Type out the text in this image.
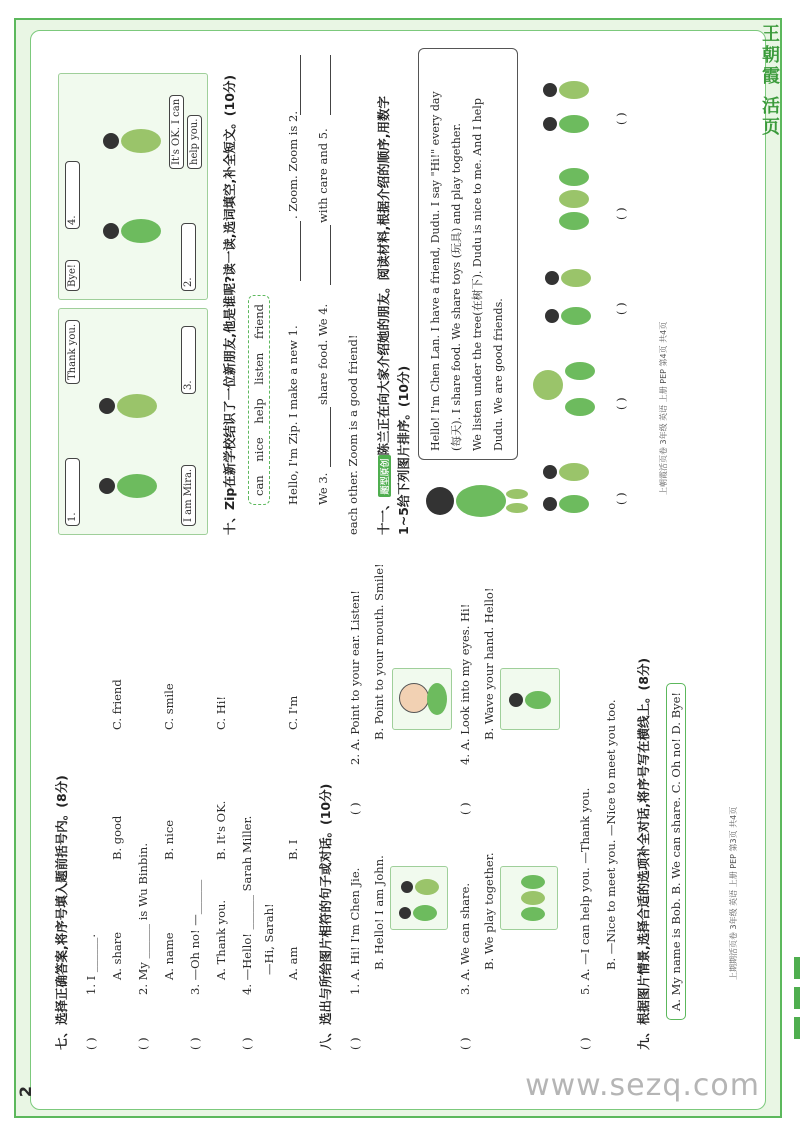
王朝霞 活页
2	www.sezq.com
七、选择正确答案,将序号填入题前括号内。(8分) ( )
1. I ______. A. share
B. good
C. friend
( )
2. My ______ is Wu Binbin. A. name
B. nice
C. smile
( )
3. —Oh no! —______ A. Thank you.
B. It's OK.
C. Hi!
( )
4. —Hello! ______ Sarah Miller. —Hi, Sarah! A. am
B. I
C. I'm
八、选出与所给图片相符的句子或对话。(10分) ( )
1. A. Hi! I'm Chen Jie. B. Hello! I am John.
( )
2. A. Point to your ear. Listen! B. Point to your mouth. Smile!
( )
3. A. We can share. B. We play together.
( )
4. A. Look into my eyes. Hi! B. Wave your hand. Hello!
( )
5. A. —I can help you. —Thank you. B. —Nice to meet you. —Nice to meet you too. 九、根据图片情景,选择合适的选项补全对话,将序号写在横线上。(8分) A. My name is Bob. B. We can share. C. Oh no! D. Bye!	上期期活页卷 3年级 英语 上册 PEP 第3页 共4页
1.
Thank you.
I am Mira.
3.
Bye!
4.
2.
It's OK. I can help you. 十、Zip在新学校结识了一位新朋友,他是谁呢?读一读,选词填空,补全短文。(10分)	can nice help listen friend	Hello, I'm Zip. I make a new 1.
. Zoom. Zoom is 2.
We 3.
share food. We 4.
with care and 5.
each other. Zoom is a good friend! 十一、题型原创陈兰正在向大家介绍她的朋友。阅读材料,根据介绍的顺序,用数字 1~5给下列图片排序。(10分)	Hello! I'm Chen Lan. I have a friend, Dudu. I say "Hi!" every day (每天). I share food. We share toys (玩具) and play together. We listen under the tree(在树下). Dudu is nice to me. And I help Dudu. We are good friends.
( )
( )
( )
( )
( )
上朝霞活页卷 3年级 英语 上册 PEP 第4页 共4页
